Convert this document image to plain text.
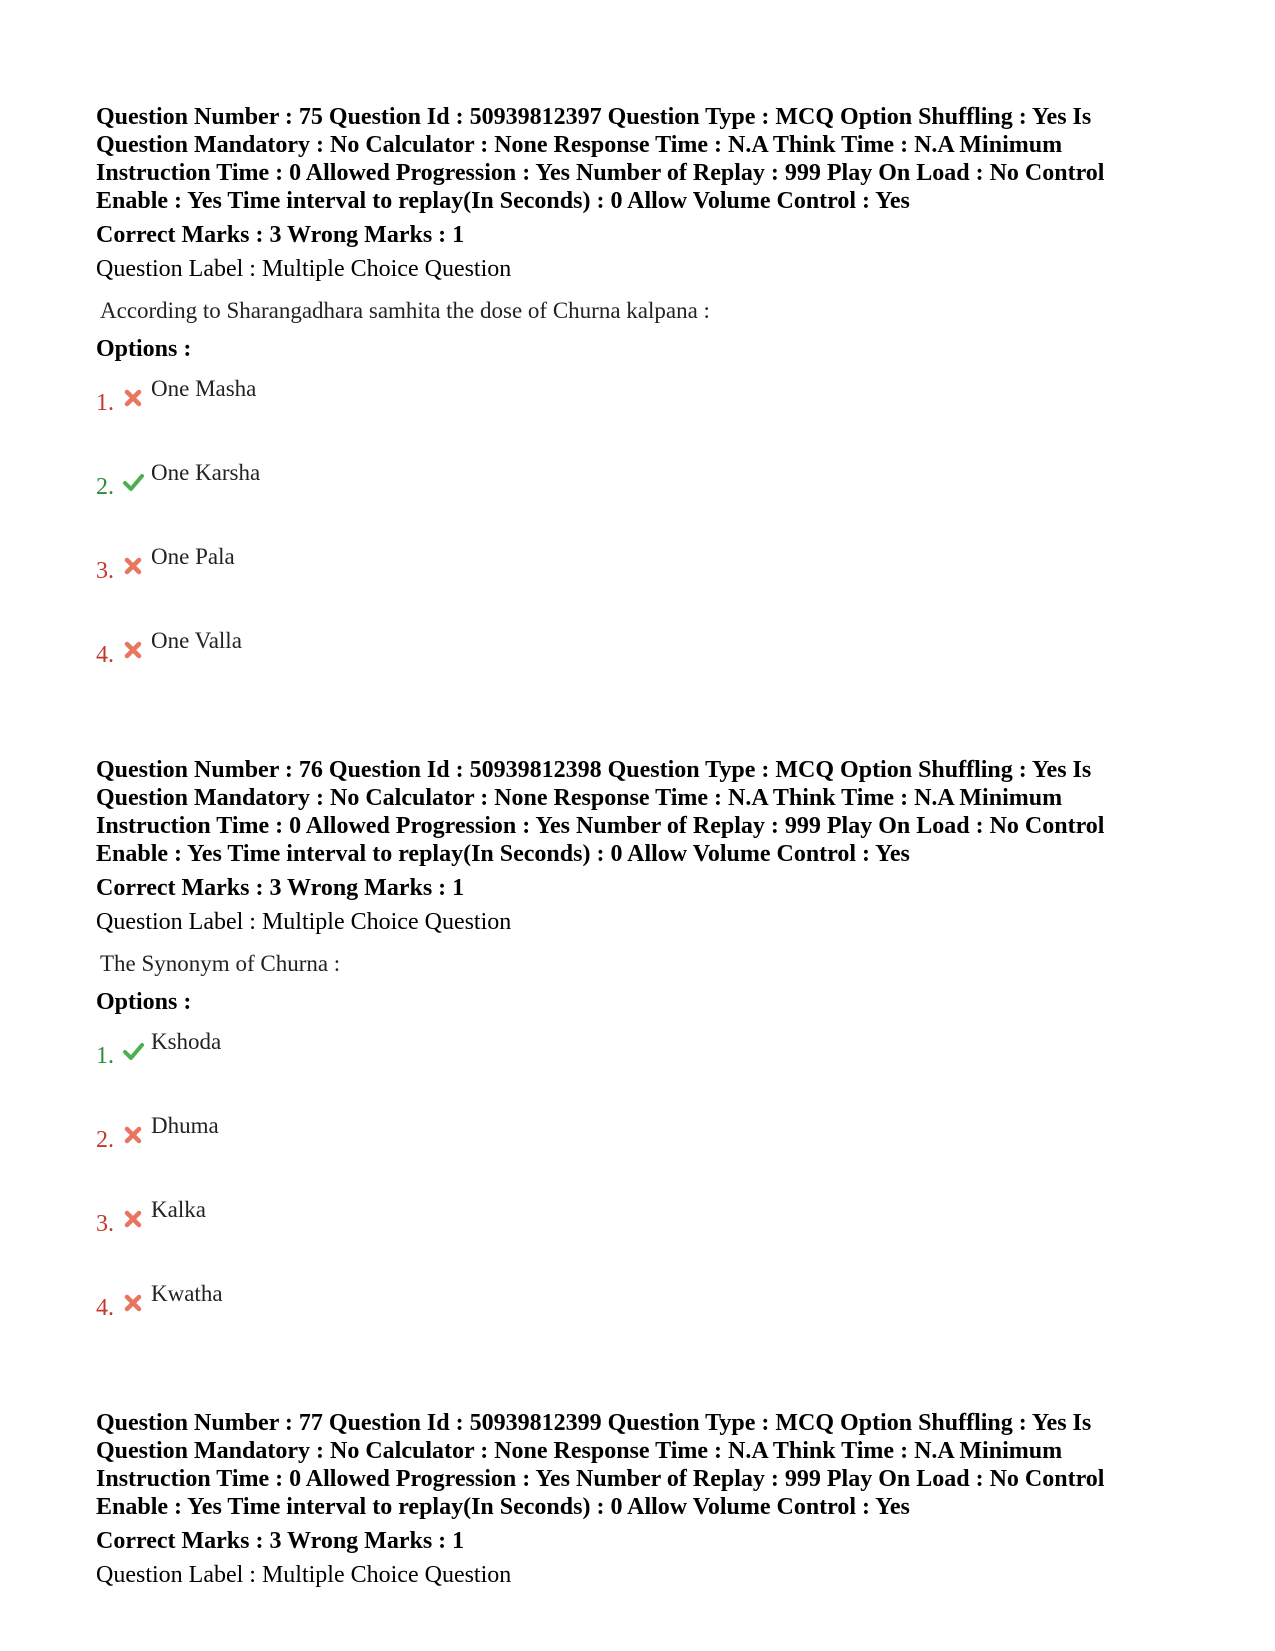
Question Number : 75 Question Id : 50939812397 Question Type : MCQ Option Shuffling : Yes Is Question Mandatory : No Calculator : None Response Time : N.A Think Time : N.A Minimum Instruction Time : 0 Allowed Progression : Yes Number of Replay : 999 Play On Load : No Control Enable : Yes Time interval to replay(In Seconds) : 0 Allow Volume Control : Yes

Correct Marks : 3 Wrong Marks : 1
Question Label : Multiple Choice Question
According to Sharangadhara samhita the dose of Churna kalpana :
Options :
1.
One Masha
2.
One Karsha
3.
One Pala
4.
One Valla

Question Number : 76 Question Id : 50939812398 Question Type : MCQ Option Shuffling : Yes Is Question Mandatory : No Calculator : None Response Time : N.A Think Time : N.A Minimum Instruction Time : 0 Allowed Progression : Yes Number of Replay : 999 Play On Load : No Control Enable : Yes Time interval to replay(In Seconds) : 0 Allow Volume Control : Yes

Correct Marks : 3 Wrong Marks : 1
Question Label : Multiple Choice Question
The Synonym of Churna :
Options :
1.
Kshoda
2.
Dhuma
3.
Kalka
4.
Kwatha

Question Number : 77 Question Id : 50939812399 Question Type : MCQ Option Shuffling : Yes Is Question Mandatory : No Calculator : None Response Time : N.A Think Time : N.A Minimum Instruction Time : 0 Allowed Progression : Yes Number of Replay : 999 Play On Load : No Control Enable : Yes Time interval to replay(In Seconds) : 0 Allow Volume Control : Yes

Correct Marks : 3 Wrong Marks : 1
Question Label : Multiple Choice Question
